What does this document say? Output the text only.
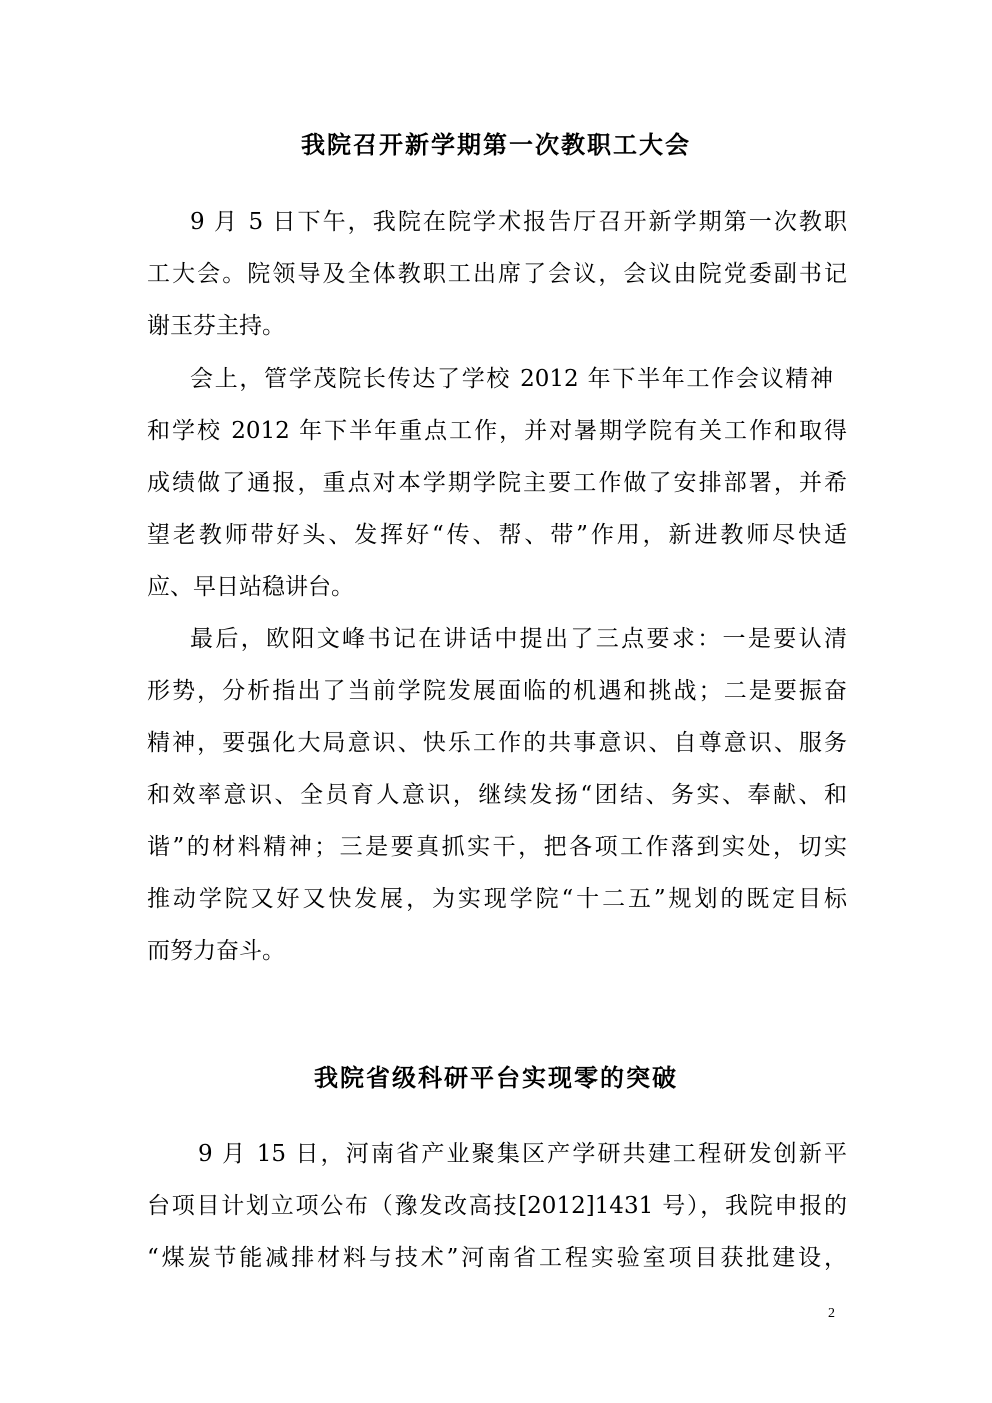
我院召开新学期第一次教职工大会

9 月 5 日下午，我院在院学术报告厅召开新学期第一次教职

工大会。院领导及全体教职工出席了会议，会议由院党委副书记

谢玉芬主持。

会上，管学茂院长传达了学校 2012 年下半年工作会议精神

和学校 2012 年下半年重点工作，并对暑期学院有关工作和取得

成绩做了通报，重点对本学期学院主要工作做了安排部署，并希

望老教师带好头、发挥好“传、帮、带”作用，新进教师尽快适

应、早日站稳讲台。

最后，欧阳文峰书记在讲话中提出了三点要求：一是要认清

形势，分析指出了当前学院发展面临的机遇和挑战；二是要振奋

精神，要强化大局意识、快乐工作的共事意识、自尊意识、服务

和效率意识、全员育人意识，继续发扬“团结、务实、奉献、和

谐”的材料精神；三是要真抓实干，把各项工作落到实处，切实

推动学院又好又快发展，为实现学院“十二五”规划的既定目标

而努力奋斗。

我院省级科研平台实现零的突破

9 月 15 日，河南省产业聚集区产学研共建工程研发创新平

台项目计划立项公布（豫发改高技[2012]1431 号），我院申报的

“煤炭节能减排材料与技术”河南省工程实验室项目获批建设，

2
